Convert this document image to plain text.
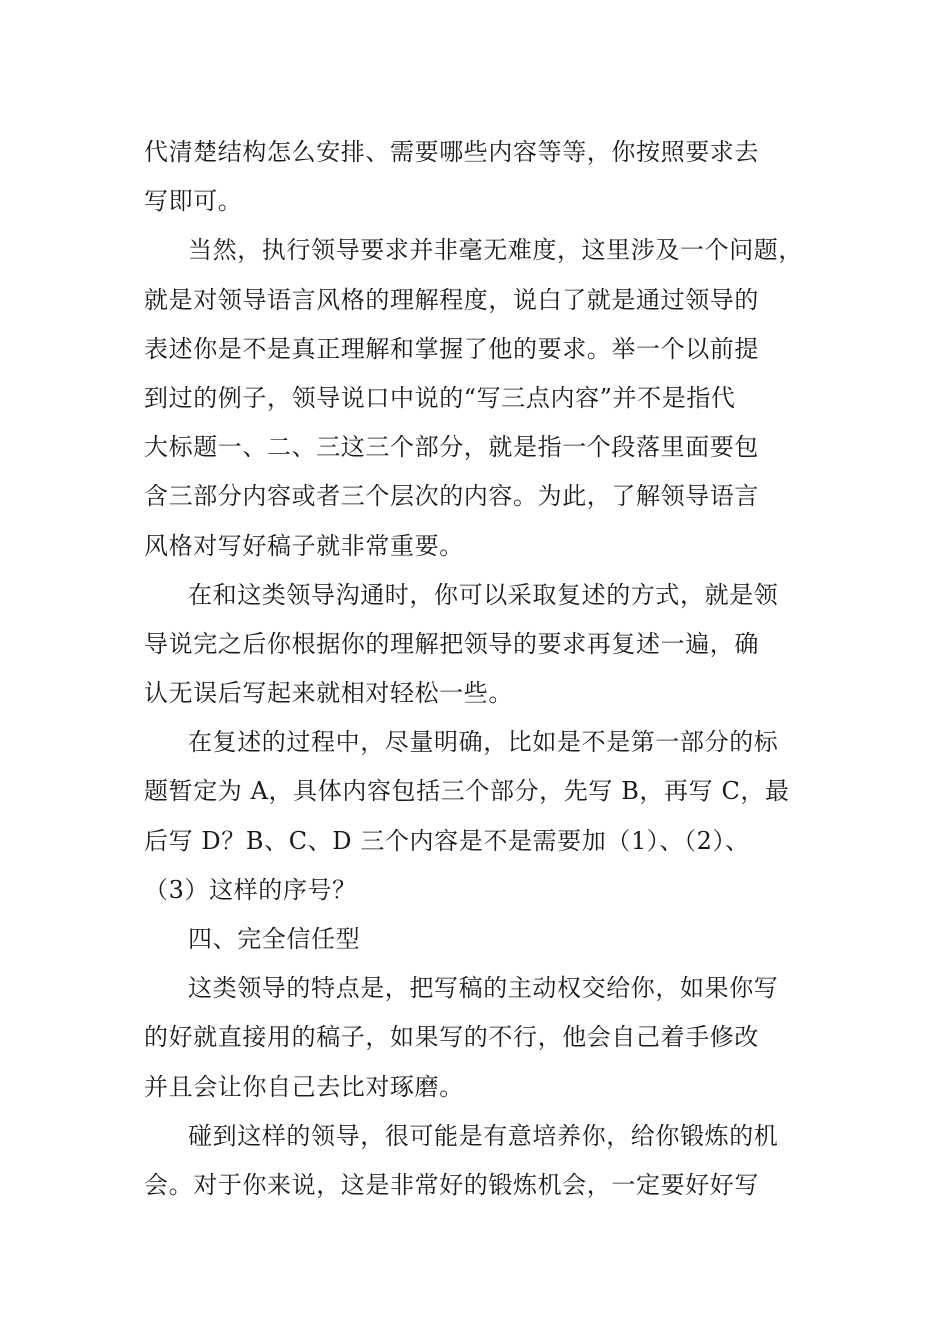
代清楚结构怎么安排、需要哪些内容等等，你按照要求去
写即可。
当然，执行领导要求并非毫无难度，这里涉及一个问题，
就是对领导语言风格的理解程度，说白了就是通过领导的
表述你是不是真正理解和掌握了他的要求。举一个以前提
到过的例子，领导说口中说的“写三点内容”并不是指代
大标题一、二、三这三个部分，就是指一个段落里面要包
含三部分内容或者三个层次的内容。为此，了解领导语言
风格对写好稿子就非常重要。
在和这类领导沟通时，你可以采取复述的方式，就是领
导说完之后你根据你的理解把领导的要求再复述一遍，确
认无误后写起来就相对轻松一些。
在复述的过程中，尽量明确，比如是不是第一部分的标
题暂定为 A，具体内容包括三个部分，先写 B，再写 C，最
后写 D？B、C、D 三个内容是不是需要加（1）、（2）、
（3）这样的序号？
四、完全信任型
这类领导的特点是，把写稿的主动权交给你，如果你写
的好就直接用的稿子，如果写的不行，他会自己着手修改
并且会让你自己去比对琢磨。
碰到这样的领导，很可能是有意培养你，给你锻炼的机
会。对于你来说，这是非常好的锻炼机会，一定要好好写
